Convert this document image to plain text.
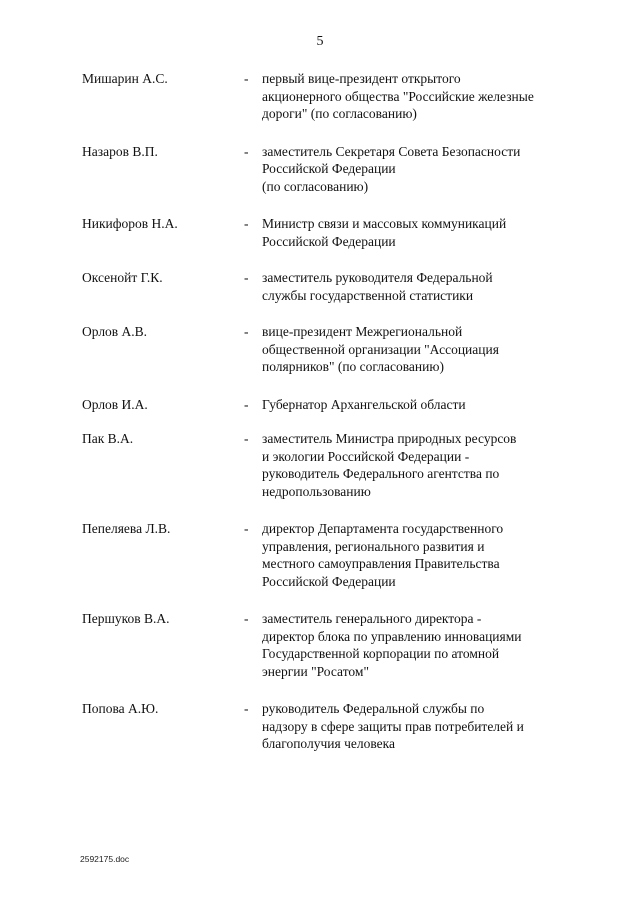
5
Мишарин А.С.	-	первый вице-президент открытого
акционерного общества "Российские железные
дороги" (по согласованию)
Назаров В.П.	-	заместитель Секретаря Совета Безопасности
Российской Федерации
(по согласованию)
Никифоров Н.А.	-	Министр связи и массовых коммуникаций
Российской Федерации
Оксенойт Г.К.	-	заместитель руководителя Федеральной
службы государственной статистики
Орлов А.В.	-	вице-президент Межрегиональной
общественной организации "Ассоциация
полярников" (по согласованию)
Орлов И.А.	-	Губернатор Архангельской области
Пак В.А.	-	заместитель Министра природных ресурсов
и экологии Российской Федерации -
руководитель Федерального агентства по
недропользованию
Пепеляева Л.В.	-	директор Департамента государственного
управления, регионального развития и
местного самоуправления Правительства
Российской Федерации
Першуков В.А.	-	заместитель генерального директора -
директор блока по управлению инновациями
Государственной корпорации по атомной
энергии "Росатом"
Попова А.Ю.	-	руководитель Федеральной службы по
надзору в сфере защиты прав потребителей и
благополучия человека
2592175.doc
